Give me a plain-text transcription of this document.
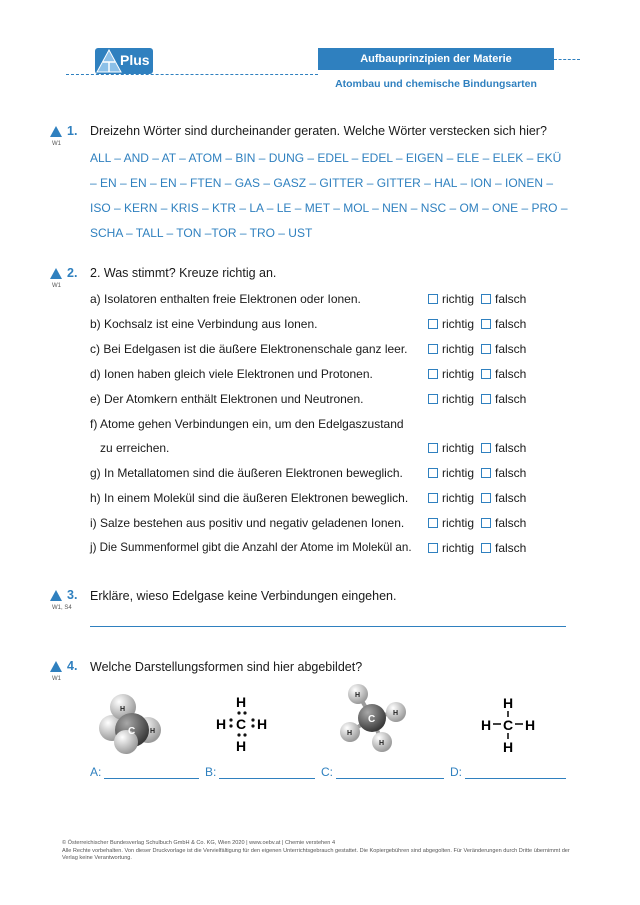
Plus	Aufbauprinzipien der Materie
Atombau und chemische Bindungsarten
1.
W1
Dreizehn Wörter sind durcheinander geraten. Welche Wörter verstecken sich hier?
ALL – AND – AT – ATOM – BIN – DUNG – EDEL – EDEL – EIGEN – ELE – ELEK – EKÜ – EN – EN – EN – FTEN – GAS – GASZ – GITTER – GITTER – HAL – ION – IONEN – ISO – KERN – KRIS – KTR – LA – LE – MET – MOL – NEN – NSC – OM – ONE – PRO – SCHA – TALL – TON –TOR – TRO – UST
2.
W1
2. Was stimmt? Kreuze richtig an.
a) Isolatoren enthalten freie Elektronen oder Ionen.	richtig	falsch
b) Kochsalz ist eine Verbindung aus Ionen.	richtig	falsch
c) Bei Edelgasen ist die äußere Elektronenschale ganz leer.	richtig	falsch
d) Ionen haben gleich viele Elektronen und Protonen.	richtig	falsch
e) Der Atomkern enthält Elektronen und Neutronen.	richtig	falsch
f) Atome gehen Verbindungen ein, um den Edelgaszustand
zu erreichen.	richtig	falsch
g) In Metallatomen sind die äußeren Elektronen beweglich.	richtig	falsch
h) In einem Molekül sind die äußeren Elektronen beweglich.	richtig	falsch
i) Salze bestehen aus positiv und negativ geladenen Ionen.	richtig	falsch
j) Die Summenformel gibt die Anzahl der Atome im Molekül an.	richtig	falsch
3.
W1, S4
Erkläre, wieso Edelgase keine Verbindungen eingehen.
4.
W1
Welche Darstellungsformen sind hier abgebildet?
C
H
H
H
C
H H
H
C
H
H
H
H
H
C
H H
H
A:	B:	C:	D:
© Österreichischer Bundesverlag Schulbuch GmbH & Co. KG, Wien 2020 | www.oebv.at | Chemie verstehen 4
Alle Rechte vorbehalten. Von dieser Druckvorlage ist die Vervielfältigung für den eigenen Unterrichtsgebrauch gestattet. Die Kopiergebühren sind abgegolten. Für Veränderungen durch Dritte übernimmt der Verlag keine Verantwortung.
